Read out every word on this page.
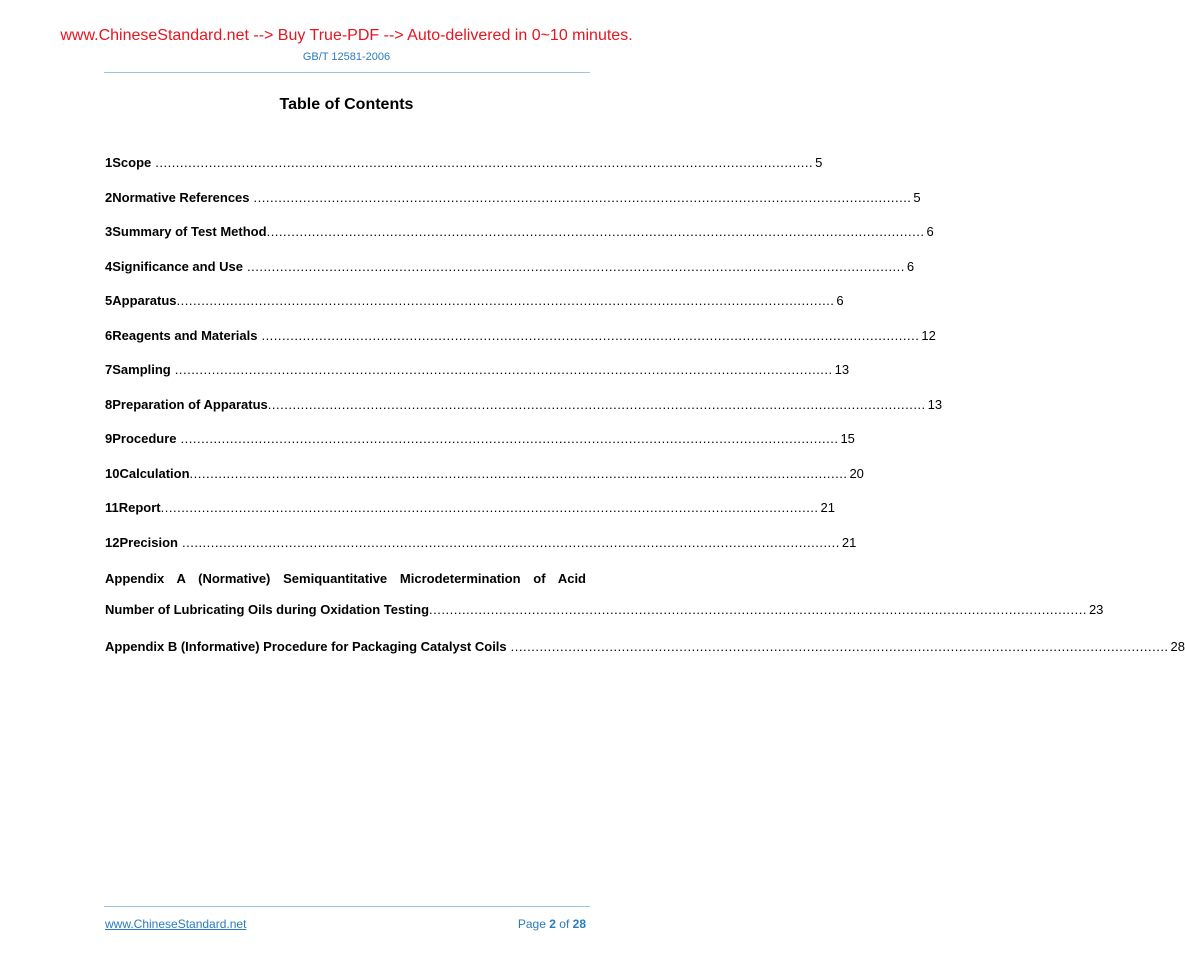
www.ChineseStandard.net --> Buy True-PDF --> Auto-delivered in 0~10 minutes.
GB/T 12581-2006
Table of Contents
1 Scope ................................................................................................................................................................ 5
2 Normative References ................................................................................................................................................................ 5
3 Summary of Test Method ................................................................................................................................................................ 6
4 Significance and Use ................................................................................................................................................................ 6
5 Apparatus ................................................................................................................................................................ 6
6 Reagents and Materials ................................................................................................................................................................ 12
7 Sampling ................................................................................................................................................................ 13
8 Preparation of Apparatus ................................................................................................................................................................ 13
9 Procedure ................................................................................................................................................................ 15
10 Calculation ................................................................................................................................................................ 20
11 Report ................................................................................................................................................................ 21
12 Precision ................................................................................................................................................................ 21
Appendix A (Normative) Semiquantitative Microdetermination of Acid
Number of Lubricating Oils during Oxidation Testing ................................................................................................................................................................ 23
Appendix B (Informative) Procedure for Packaging Catalyst Coils ................................................................................................................................................................ 28
www.ChineseStandard.net	Page 2 of 28
